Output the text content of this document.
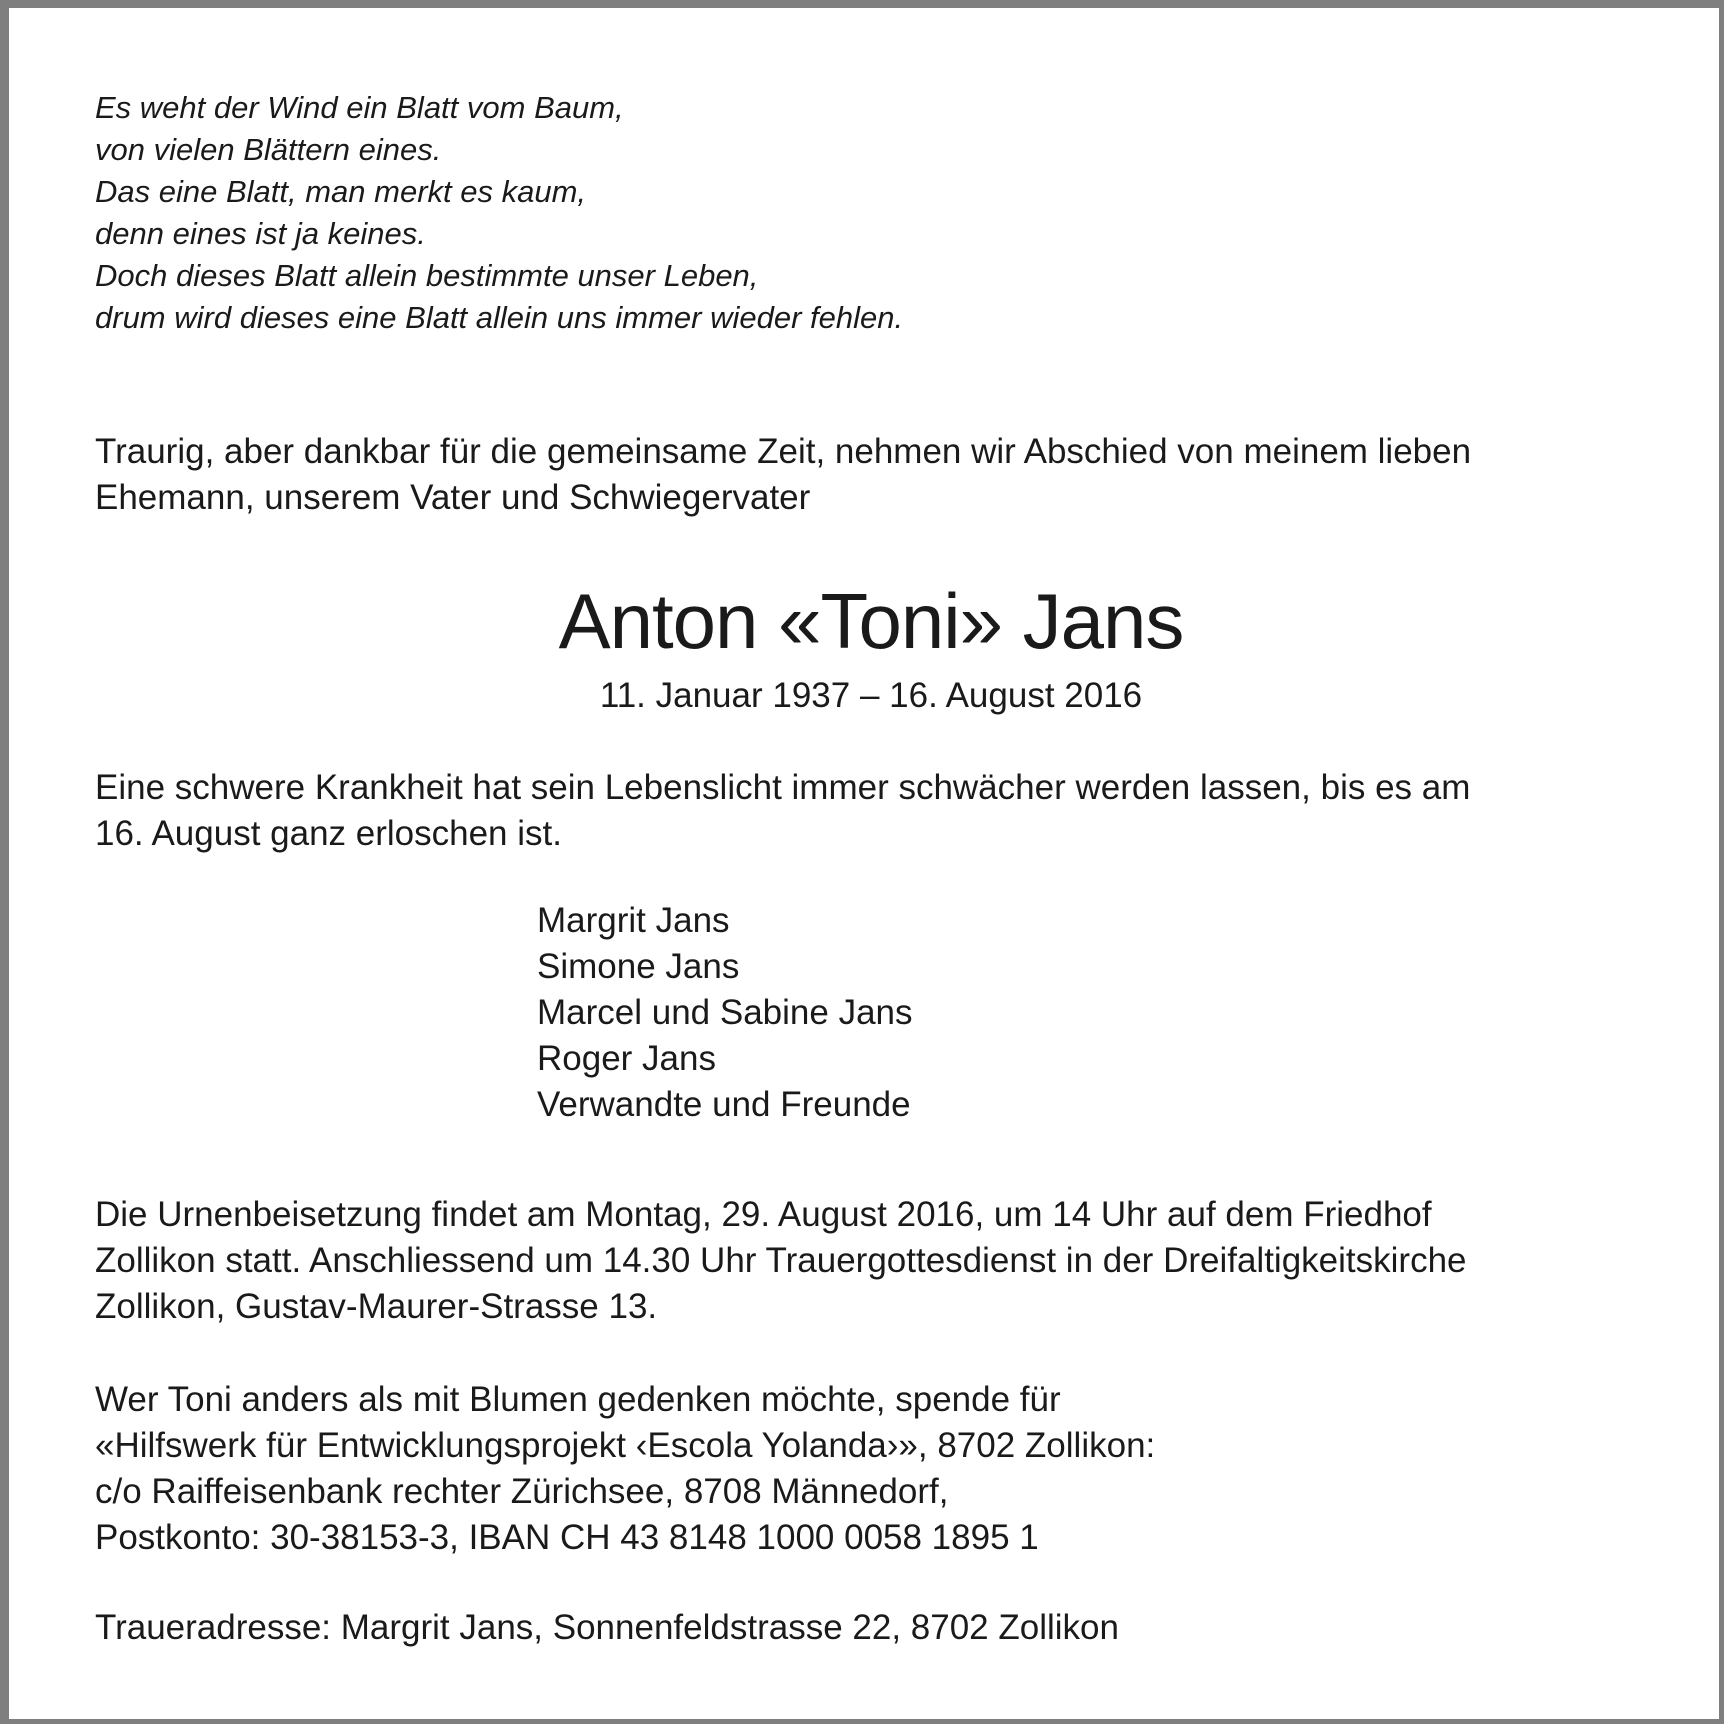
Es weht der Wind ein Blatt vom Baum,
von vielen Blättern eines.
Das eine Blatt, man merkt es kaum,
denn eines ist ja keines.
Doch dieses Blatt allein bestimmte unser Leben,
drum wird dieses eine Blatt allein uns immer wieder fehlen.
Traurig, aber dankbar für die gemeinsame Zeit, nehmen wir Abschied von meinem lieben
Ehemann, unserem Vater und Schwiegervater
Anton «Toni» Jans
11. Januar 1937 – 16. August 2016
Eine schwere Krankheit hat sein Lebenslicht immer schwächer werden lassen, bis es am
16. August ganz erloschen ist.
Margrit Jans
Simone Jans
Marcel und Sabine Jans
Roger Jans
Verwandte und Freunde
Die Urnenbeisetzung findet am Montag, 29. August 2016, um 14 Uhr auf dem Friedhof
Zollikon statt. Anschliessend um 14.30 Uhr Trauergottesdienst in der Dreifaltigkeitskirche
Zollikon, Gustav-Maurer-Strasse 13.
Wer Toni anders als mit Blumen gedenken möchte, spende für
«Hilfswerk für Entwicklungsprojekt ‹Escola Yolanda›», 8702 Zollikon:
c/o Raiffeisenbank rechter Zürichsee, 8708 Männedorf,
Postkonto: 30-38153-3, IBAN CH 43 8148 1000 0058 1895 1
Traueradresse: Margrit Jans, Sonnenfeldstrasse 22, 8702 Zollikon
